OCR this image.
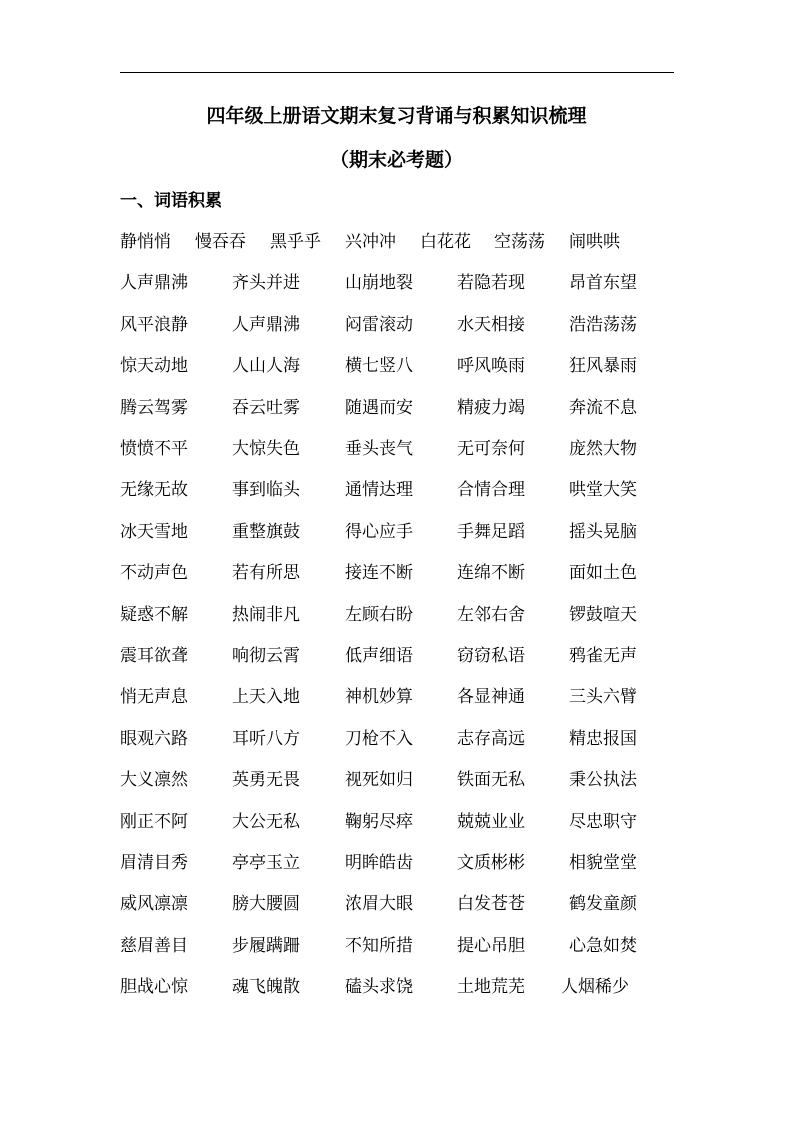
四年级上册语文期末复习背诵与积累知识梳理
（期末必考题）
一、词语积累
静悄悄 慢吞吞 黑乎乎 兴冲冲 白花花 空荡荡 闹哄哄
人声鼎沸	齐头并进	山崩地裂	若隐若现	昂首东望
风平浪静	人声鼎沸	闷雷滚动	水天相接	浩浩荡荡
惊天动地	人山人海	横七竖八	呼风唤雨	狂风暴雨
腾云驾雾	吞云吐雾	随遇而安	精疲力竭	奔流不息
愤愤不平	大惊失色	垂头丧气	无可奈何	庞然大物
无缘无故	事到临头	通情达理	合情合理	哄堂大笑
冰天雪地	重整旗鼓	得心应手	手舞足蹈	摇头晃脑
不动声色	若有所思	接连不断	连绵不断	面如土色
疑惑不解	热闹非凡	左顾右盼	左邻右舍	锣鼓喧天
震耳欲聋	响彻云霄	低声细语	窃窃私语	鸦雀无声
悄无声息	上天入地	神机妙算	各显神通	三头六臂
眼观六路	耳听八方	刀枪不入	志存高远	精忠报国
大义凛然	英勇无畏	视死如归	铁面无私	秉公执法
刚正不阿	大公无私	鞠躬尽瘁	兢兢业业	尽忠职守
眉清目秀	亭亭玉立	明眸皓齿	文质彬彬	相貌堂堂
威风凛凛	膀大腰圆	浓眉大眼	白发苍苍	鹤发童颜
慈眉善目	步履蹒跚	不知所措	提心吊胆	心急如焚
胆战心惊	魂飞魄散	磕头求饶	土地荒芜 人烟稀少
